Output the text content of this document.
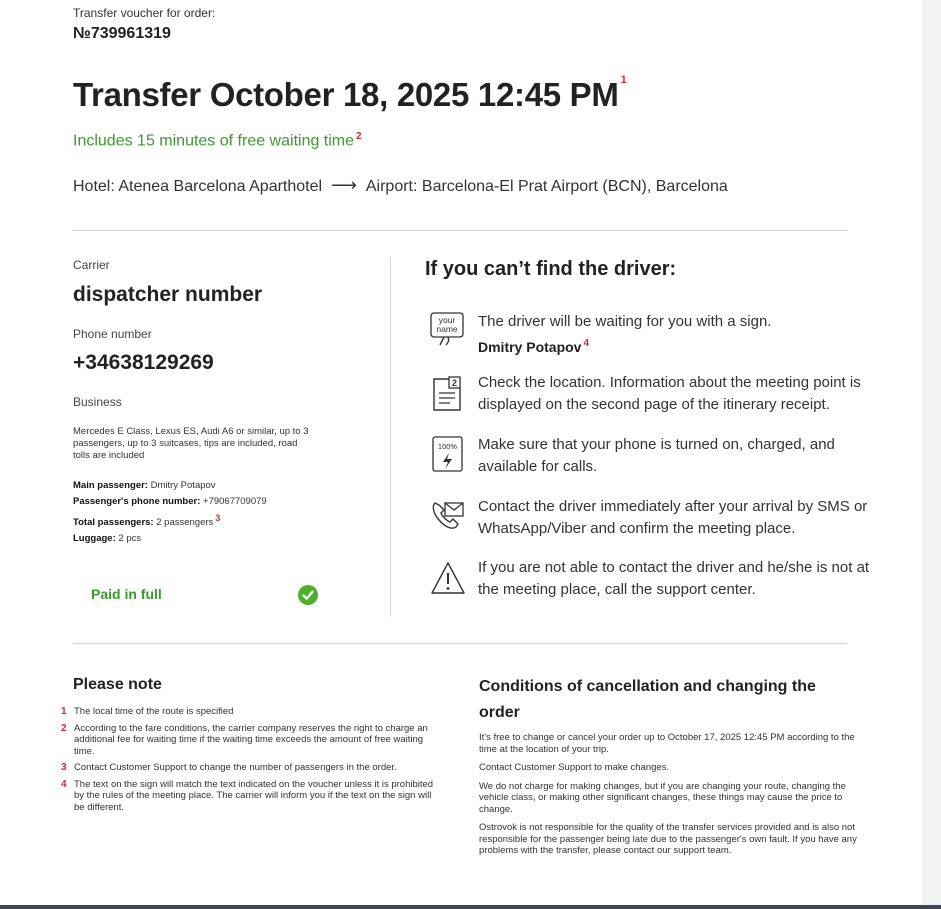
Transfer voucher for order:
№739961319
Transfer October 18, 2025 12:45 PM $^1$
Includes 15 minutes of free waiting time $^2$
Hotel: Atenea Barcelona Aparthotel ⟶ Airport: Barcelona-El Prat Airport (BCN), Barcelona
Carrier
dispatcher number
Phone number
+34638129269
Business
Mercedes E Class, Lexus ES, Audi A6 or similar, up to 3 passengers, up to 3 suitcases, tips are included, road tolls are included
Main passenger: Dmitry Potapov
Passenger's phone number: +79067709079
Total passengers: 2 passengers 3
Luggage: 2 pcs
Paid in full
If you can’t find the driver:
your
name The driver will be waiting for you with a sign.
Dmitry Potapov $^4$
2 Check the location. Information about the meeting point is displayed on the second page of the itinerary receipt.
100% Make sure that your phone is turned on, charged, and available for calls.
Contact the driver immediately after your arrival by SMS or WhatsApp/Viber and confirm the meeting place.
If you are not able to contact the driver and he/she is not at the meeting place, call the support center.
Please note
1 The local time of the route is specified
2 According to the fare conditions, the carrier company reserves the right to charge an additional fee for waiting time if the waiting time exceeds the amount of free waiting time.
3 Contact Customer Support to change the number of passengers in the order.
4 The text on the sign will match the text indicated on the voucher unless it is prohibited by the rules of the meeting place. The carrier will inform you if the text on the sign will be different.
Conditions of cancellation and changing the order

It's free to change or cancel your order up to October 17, 2025 12:45 PM according to the time at the location of your trip.

Contact Customer Support to make changes.

We do not charge for making changes, but if you are changing your route, changing the vehicle class, or making other significant changes, these things may cause the price to change.

Ostrovok is not responsible for the quality of the transfer services provided and is also not responsible for the passenger being late due to the passenger's own fault. If you have any problems with the transfer, please contact our support team.
